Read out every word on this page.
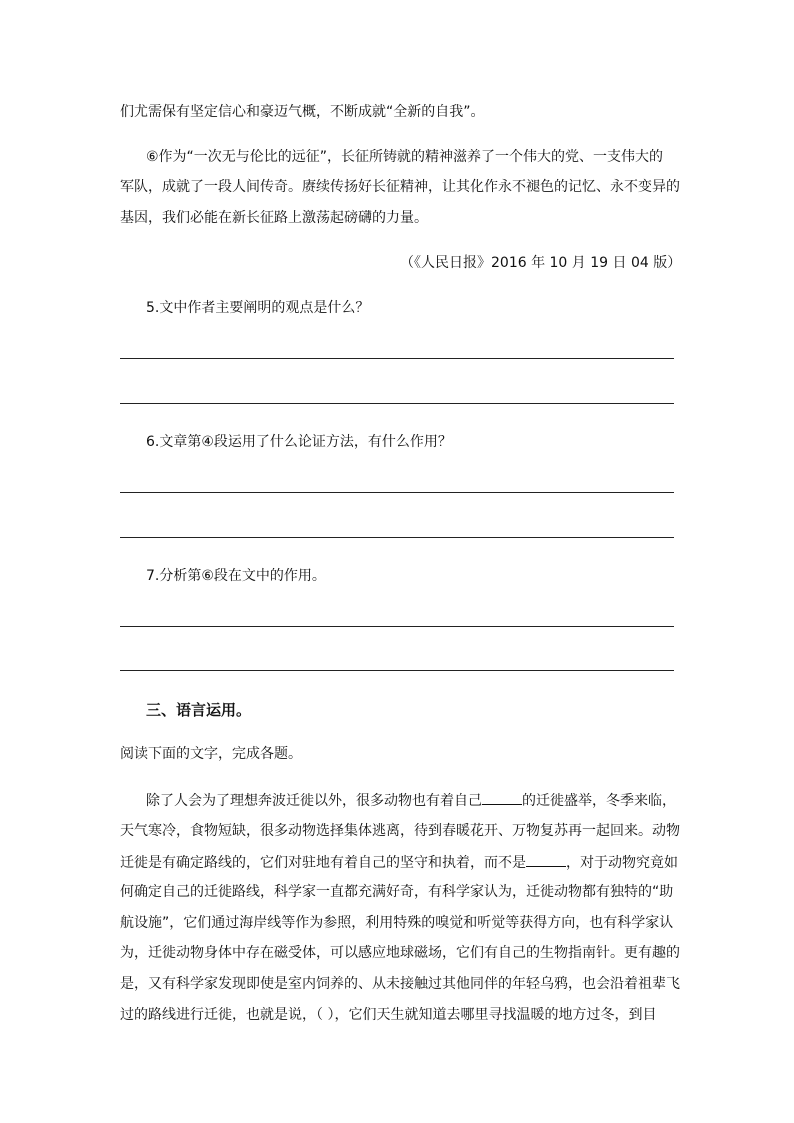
们尤需保有坚定信心和豪迈气概，不断成就“全新的自我”。
⑥作为“一次无与伦比的远征”，长征所铸就的精神滋养了一个伟大的党、一支伟大的
军队，成就了一段人间传奇。赓续传扬好长征精神，让其化作永不褪色的记忆、永不变异的
基因，我们必能在新长征路上激荡起磅礴的力量。
（《人民日报》2016 年 10 月 19 日 04 版）
5.文中作者主要阐明的观点是什么？
6.文章第④段运用了什么论证方法，有什么作用？
7.分析第⑥段在文中的作用。
三、语言运用。
阅读下面的文字，完成各题。
除了人会为了理想奔波迁徙以外，很多动物也有着自己	的迁徙盛举，冬季来临，
天气寒冷，食物短缺，很多动物选择集体逃离，待到春暖花开、万物复苏再一起回来。动物
迁徙是有确定路线的，它们对驻地有着自己的坚守和执着，而不是	，对于动物究竟如
何确定自己的迁徙路线，科学家一直都充满好奇，有科学家认为，迁徙动物都有独特的“助
航设施”，它们通过海岸线等作为参照，利用特殊的嗅觉和听觉等获得方向，也有科学家认
为，迁徙动物身体中存在磁受体，可以感应地球磁场，它们有自己的生物指南针。更有趣的
是，又有科学家发现即使是室内饲养的、从未接触过其他同伴的年轻乌鸦，也会沿着祖辈飞
过的路线进行迁徙，也就是说，（ ），它们天生就知道去哪里寻找温暖的地方过冬，到目
